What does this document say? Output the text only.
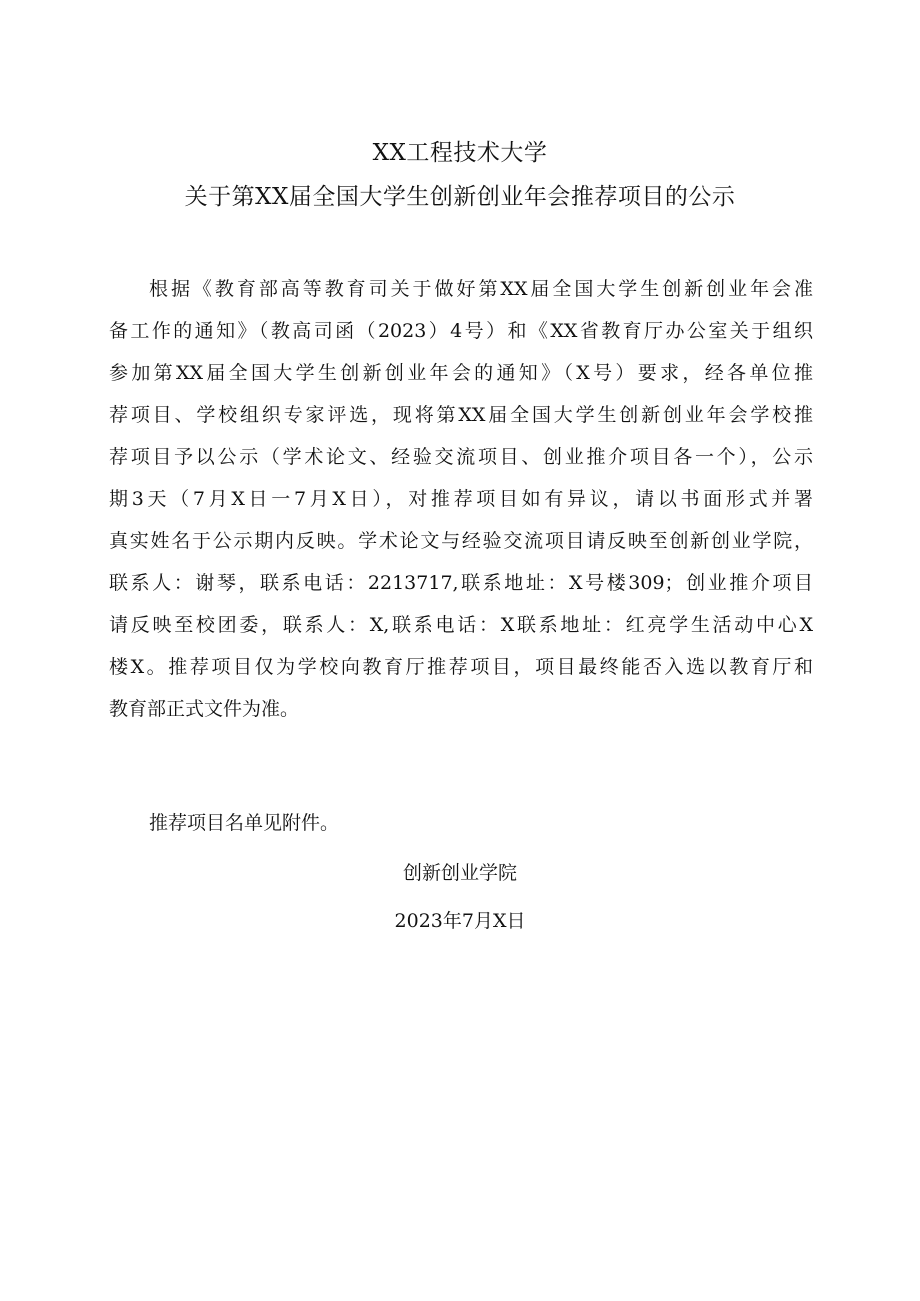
XX工程技术大学
关于第XX届全国大学生创新创业年会推荐项目的公示
根据《教育部高等教育司关于做好第XX届全国大学生创新创业年会准
备工作的通知》（教高司函（2023）4号）和《XX省教育厅办公室关于组织
参加第XX届全国大学生创新创业年会的通知》（X号）要求，经各单位推
荐项目、学校组织专家评选，现将第XX届全国大学生创新创业年会学校推
荐项目予以公示（学术论文、经验交流项目、创业推介项目各一个），公示
期3天（7月X日一7月X日），对推荐项目如有异议，请以书面形式并署
真实姓名于公示期内反映。学术论文与经验交流项目请反映至创新创业学院，
联系人：谢琴，联系电话：2213717,联系地址：X号楼309；创业推介项目
请反映至校团委，联系人：X,联系电话：X联系地址：红亮学生活动中心X
楼X。推荐项目仅为学校向教育厅推荐项目，项目最终能否入选以教育厅和
教育部正式文件为准。
推荐项目名单见附件。
创新创业学院
2023年7月X日
